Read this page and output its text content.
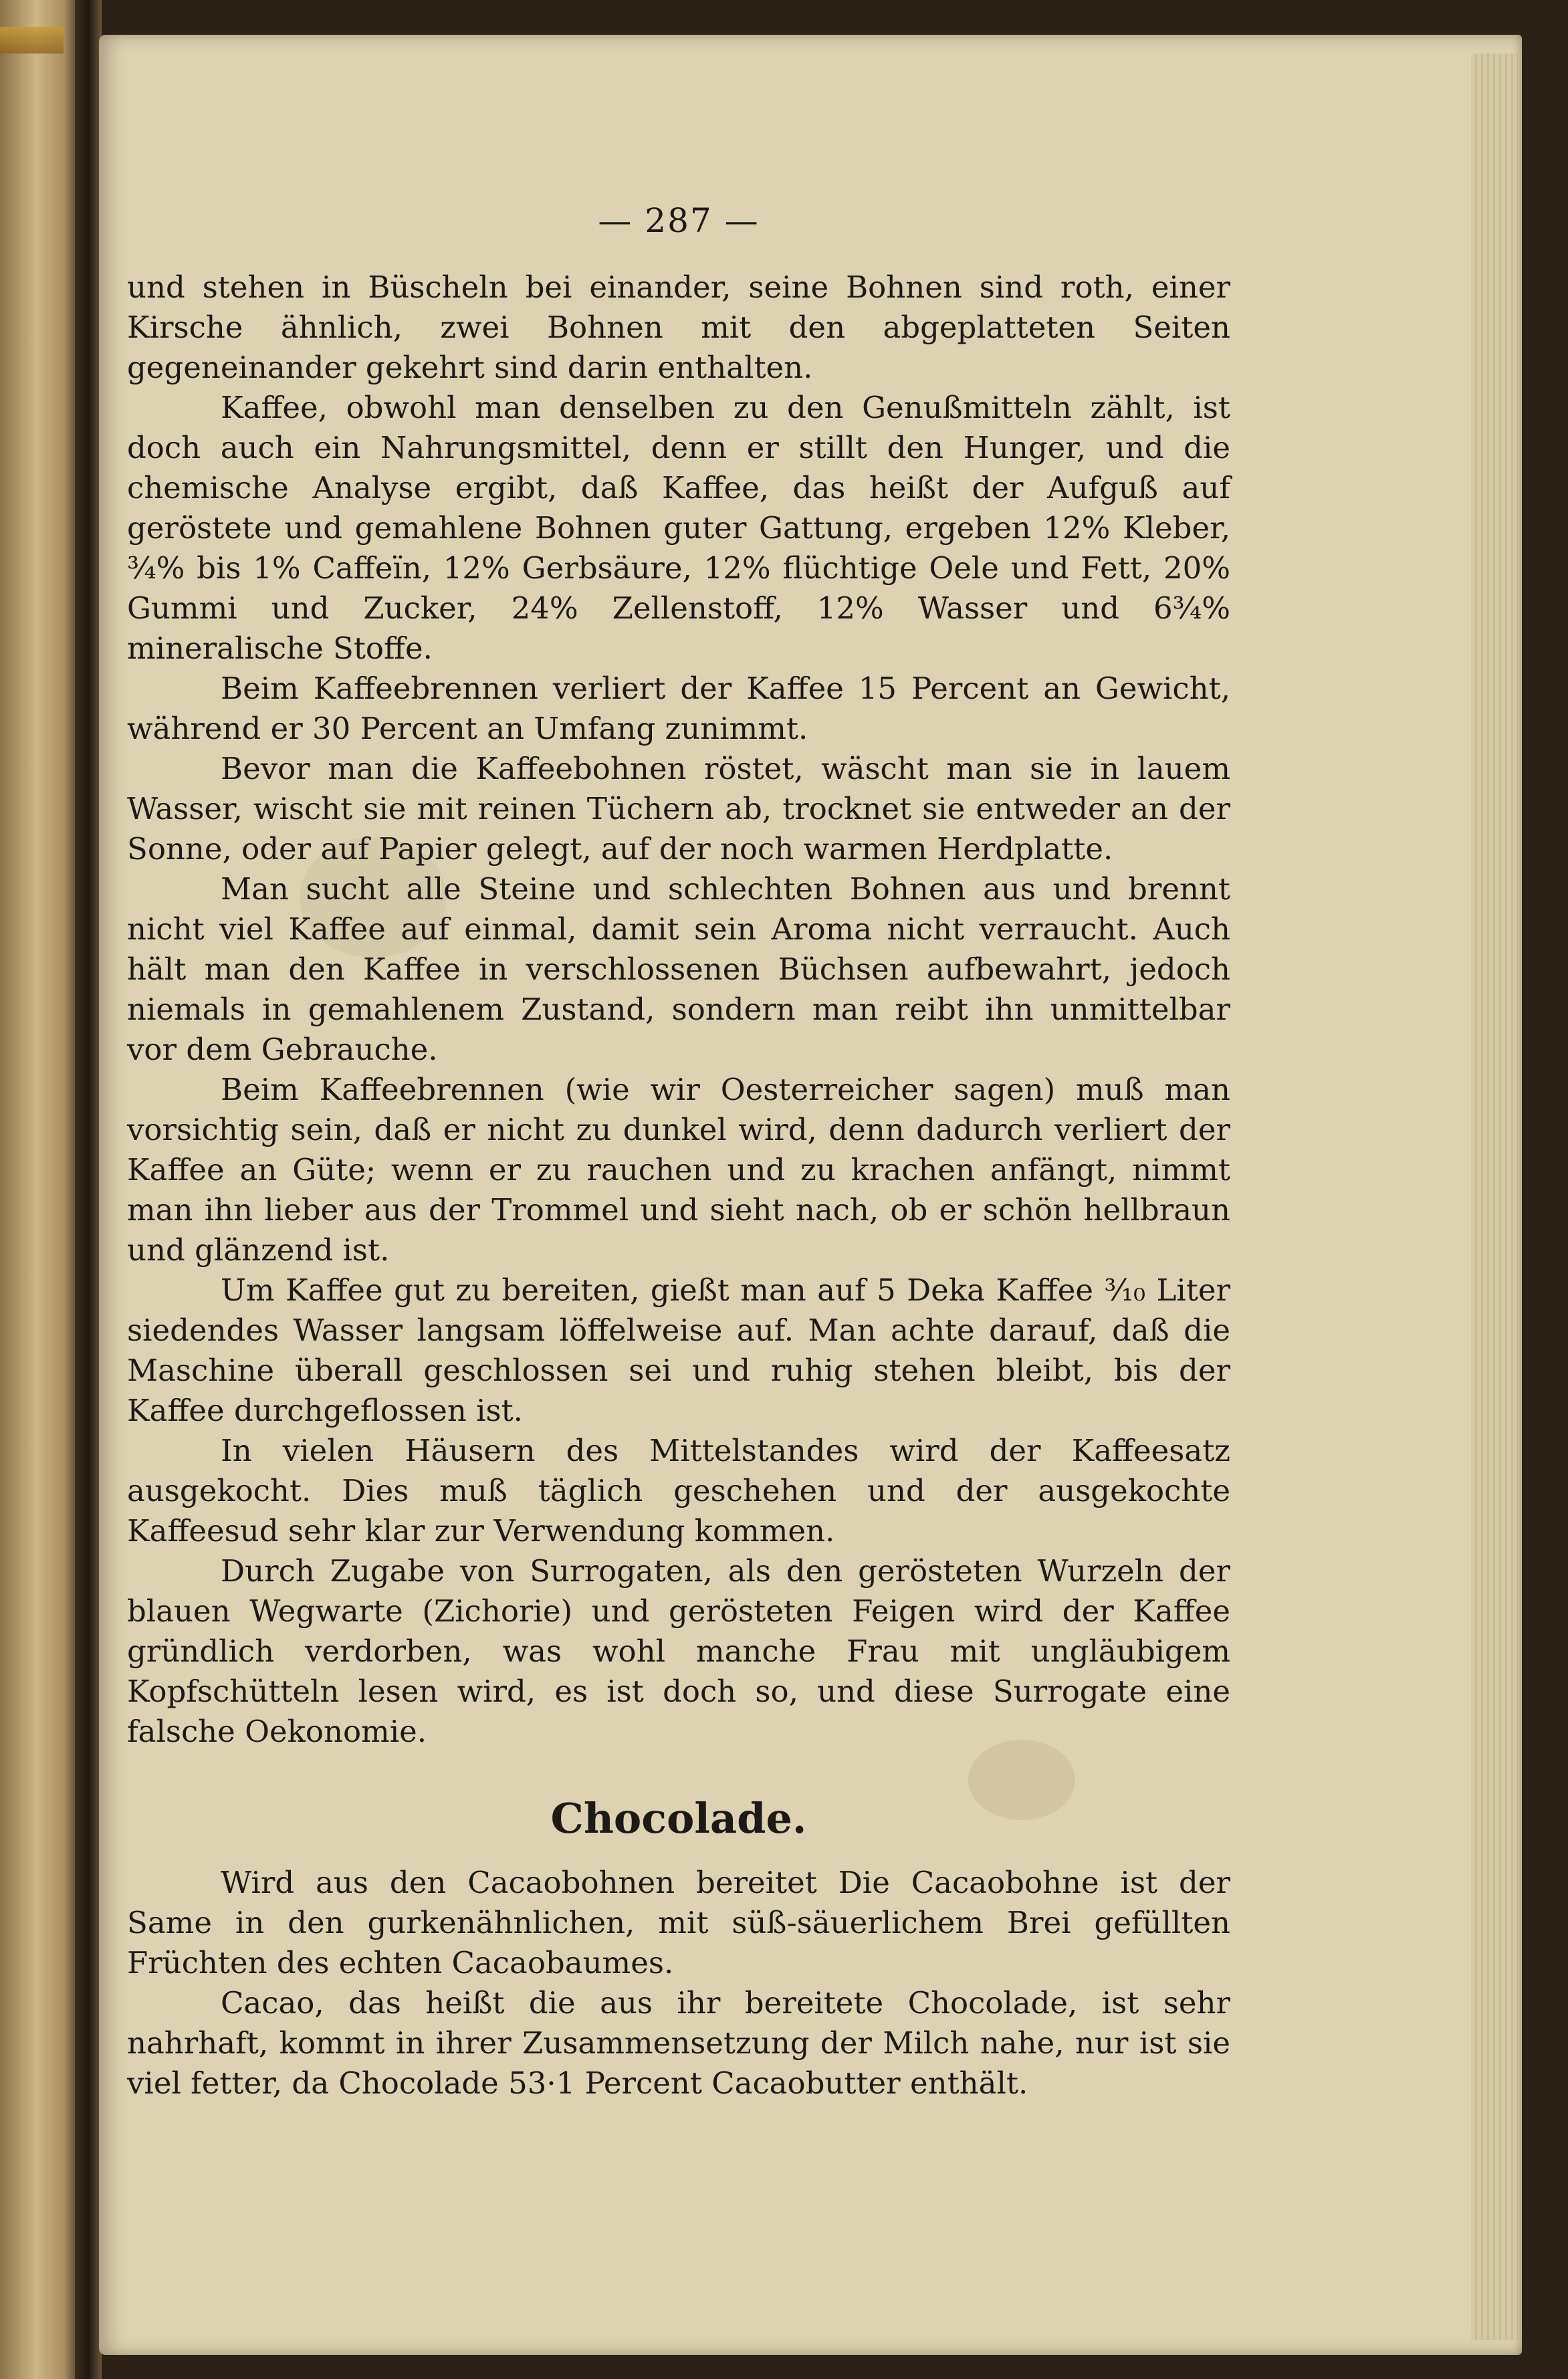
— 287 —

und stehen in Büscheln bei einander, seine Bohnen sind roth, einer Kirsche ähnlich, zwei Bohnen mit den abgeplatteten Seiten gegeneinander gekehrt sind darin enthalten.

Kaffee, obwohl man denselben zu den Genußmitteln zählt, ist doch auch ein Nahrungsmittel, denn er stillt den Hunger, und die chemische Analyse ergibt, daß Kaffee, das heißt der Aufguß auf geröstete und gemahlene Bohnen guter Gattung, ergeben 12% Kleber, ¾% bis 1% Caffeïn, 12% Gerbsäure, 12% flüchtige Oele und Fett, 20% Gummi und Zucker, 24% Zellenstoff, 12% Wasser und 6¾% mineralische Stoffe.

Beim Kaffeebrennen verliert der Kaffee 15 Percent an Gewicht, während er 30 Percent an Umfang zunimmt.

Bevor man die Kaffeebohnen röstet, wäscht man sie in lauem Wasser, wischt sie mit reinen Tüchern ab, trocknet sie entweder an der Sonne, oder auf Papier gelegt, auf der noch warmen Herdplatte.

Man sucht alle Steine und schlechten Bohnen aus und brennt nicht viel Kaffee auf einmal, damit sein Aroma nicht verraucht. Auch hält man den Kaffee in verschlossenen Büchsen aufbewahrt, jedoch niemals in gemahlenem Zustand, sondern man reibt ihn unmittelbar vor dem Gebrauche.

Beim Kaffeebrennen (wie wir Oesterreicher sagen) muß man vorsichtig sein, daß er nicht zu dunkel wird, denn dadurch verliert der Kaffee an Güte; wenn er zu rauchen und zu krachen anfängt, nimmt man ihn lieber aus der Trommel und sieht nach, ob er schön hellbraun und glänzend ist.

Um Kaffee gut zu bereiten, gießt man auf 5 Deka Kaffee ³⁄₁₀ Liter siedendes Wasser langsam löffelweise auf. Man achte darauf, daß die Maschine überall geschlossen sei und ruhig stehen bleibt, bis der Kaffee durchgeflossen ist.

In vielen Häusern des Mittelstandes wird der Kaffeesatz ausgekocht. Dies muß täglich geschehen und der ausgekochte Kaffeesud sehr klar zur Verwendung kommen.

Durch Zugabe von Surrogaten, als den gerösteten Wurzeln der blauen Wegwarte (Zichorie) und gerösteten Feigen wird der Kaffee gründlich verdorben, was wohl manche Frau mit ungläubigem Kopfschütteln lesen wird, es ist doch so, und diese Surrogate eine falsche Oekonomie.

Chocolade.

Wird aus den Cacaobohnen bereitet Die Cacaobohne ist der Same in den gurkenähnlichen, mit süß-säuerlichem Brei gefüllten Früchten des echten Cacaobaumes.

Cacao, das heißt die aus ihr bereitete Chocolade, ist sehr nahrhaft, kommt in ihrer Zusammensetzung der Milch nahe, nur ist sie viel fetter, da Chocolade 53·1 Percent Cacaobutter enthält.
